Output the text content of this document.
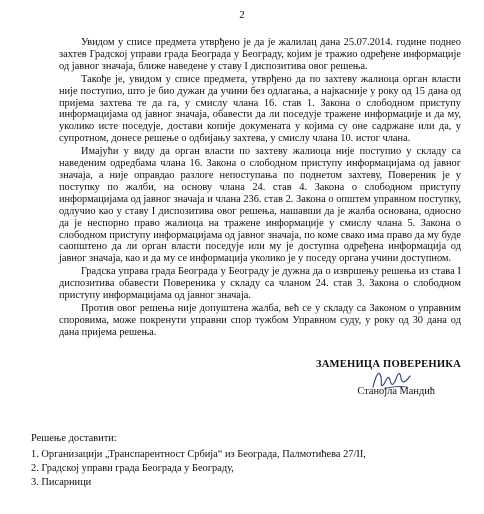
2

Увидом у списе предмета утврђено је да је жалилац дана 25.07.2014. године поднео захтев Градској управи града Београда у Београду, којим је тражио одређене информације од јавног значаја, ближе наведене у ставу I диспозитива овог решења.

Такође је, увидом у списе предмета, утврђено да по захтеву жалиоца орган власти није поступио, што је био дужан да учини без одлагања, а најкасније у року од 15 дана од пријема захтева те да га, у смислу члана 16. став 1. Закона о слободном приступу информацијама од јавног значаја, обавести да ли поседује тражене информације и да му, уколико исте поседује, достави копије докумената у којима су оне садржане или да, у супротном, донесе решење о одбијању захтева, у смислу члана 10. истог члана.

Имајући у виду да орган власти по захтеву жалиоца није поступио у складу са наведеним одредбама члана 16. Закона о слободном приступу информацијама од јавног значаја, а није оправдао разлоге непоступања по поднетом захтеву, Повереник је у поступку по жалби, на основу члана 24. став 4. Закона о слободном приступу информацијама од јавног значаја и члана 236. став 2. Закона о општем управном поступку, одлучио као у ставу I диспозитива овог решења, нашавши да је жалба основана, односно да је неспорно право жалиоца на тражене информације у смислу члана 5. Закона о слободном приступу информацијама од јавног значаја, по коме свако има право да му буде саопштено да ли орган власти поседује или му је доступна одређена информација од јавног значаја, као и да му се информација уколико је у поседу органа учини доступном.

Градска управа града Београда у Београду је дужна да о извршењу решења из става I диспозитива обавести Повереника у складу са чланом 24. став 3. Закона о слободном приступу информацијама од јавног значаја.

Против овог решења није допуштена жалба, већ се у складу са Законом о управним споровима, може покренути управни спор тужбом Управном суду, у року од 30 дана од дана пријема решења.

ЗАМЕНИЦА ПОВЕРЕНИКА
Станојла Мандић
Решење доставити:
1. Организацији „Транспарентност Србија“ из Београда, Палмотићева 27/II,
2. Градској управи града Београда у Београду,
3. Писарници
